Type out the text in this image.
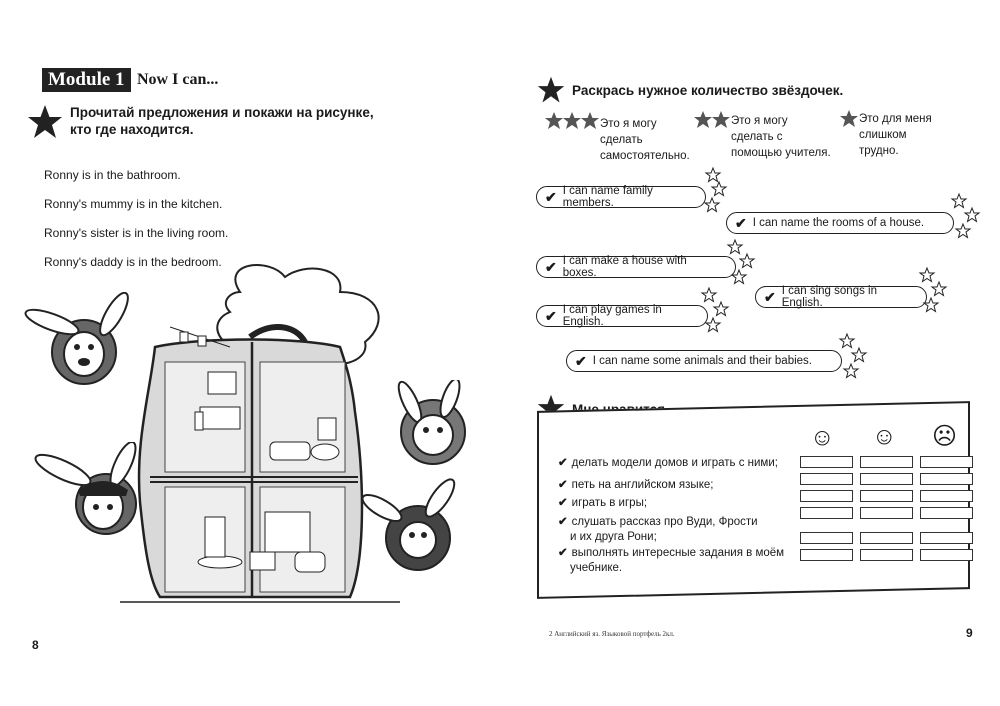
Module 1 Now I can...
Прочитай предложения и покажи на рисунке,
кто где находится.
Ronny is in the bathroom.
Ronny's mummy is in the kitchen.
Ronny's sister is in the living room.
Ronny's daddy is in the bedroom.
8
Раскрась нужное количество звёздочек.
Это я могу
сделать
самостоятельно.
Это я могу
сделать с
помощью учителя.
Это для меня
слишком
трудно.
✔ I can name family members.
✔ I can name the rooms of a house.
✔ I can make a house with boxes.
✔ I can sing songs in English.
✔ I can play games in English.
✔ I can name some animals and their babies.
☺ ☺ ☹
✔ делать модели домов и играть с ними;
✔ петь на английском языке;
✔ играть в игры;
✔ слушать рассказ про Вуди, Фрости
и их друга Рони;
✔ выполнять интересные задания в моём
учебнике.
2 Английский яз. Языковой портфель 2кл.	9
